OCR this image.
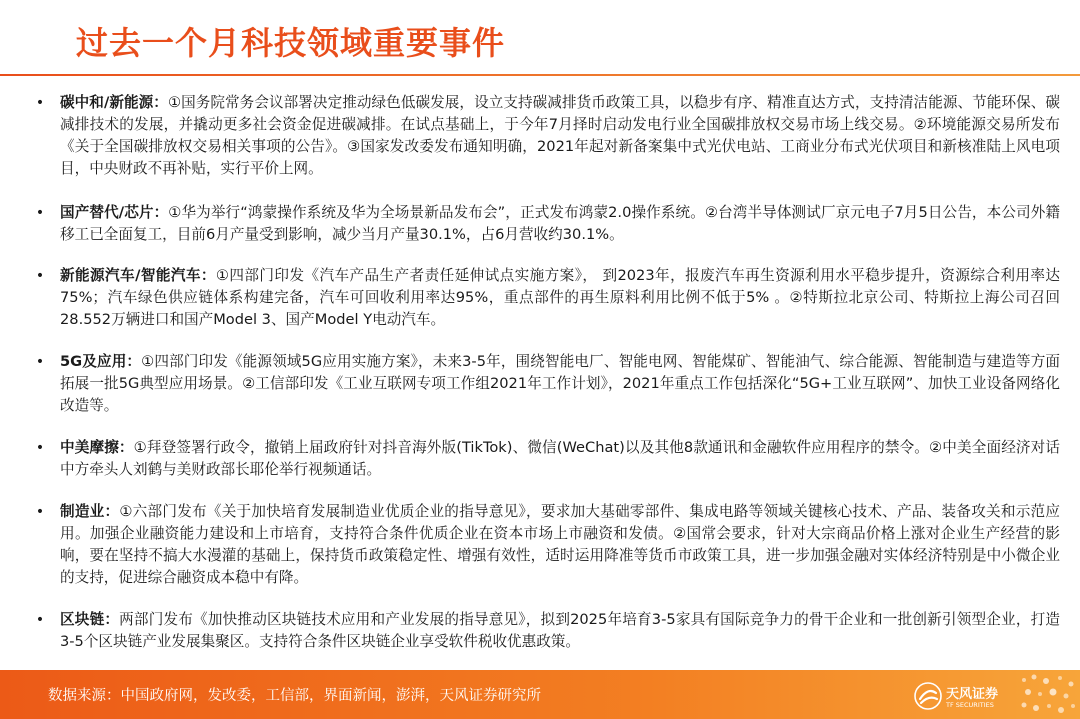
过去一个月科技领域重要事件
•	碳中和/新能源：①国务院常务会议部署决定推动绿色低碳发展，设立支持碳减排货币政策工具，以稳步有序、精准直达方式，支持清洁能源、节能环保、碳减排技术的发展，并撬动更多社会资金促进碳减排。在试点基础上，于今年7月择时启动发电行业全国碳排放权交易市场上线交易。②环境能源交易所发布《关于全国碳排放权交易相关事项的公告》。③国家发改委发布通知明确，2021年起对新备案集中式光伏电站、工商业分布式光伏项目和新核准陆上风电项目，中央财政不再补贴，实行平价上网。
•	国产替代/芯片：①华为举行“鸿蒙操作系统及华为全场景新品发布会”，正式发布鸿蒙2.0操作系统。②台湾半导体测试厂京元电子7月5日公告，本公司外籍移工已全面复工，目前6月产量受到影响，减少当月产量30.1%，占6月营收约30.1%。
•	新能源汽车/智能汽车：①四部门印发《汽车产品生产者责任延伸试点实施方案》， 到2023年，报废汽车再生资源利用水平稳步提升，资源综合利用率达75%；汽车绿色供应链体系构建完备，汽车可回收利用率达95%，重点部件的再生原料利用比例不低于5% 。②特斯拉北京公司、特斯拉上海公司召回28.552万辆进口和国产Model 3、国产Model Y电动汽车。
•	5G及应用：①四部门印发《能源领域5G应用实施方案》，未来3-5年，围绕智能电厂、智能电网、智能煤矿、智能油气、综合能源、智能制造与建造等方面拓展一批5G典型应用场景。②工信部印发《工业互联网专项工作组2021年工作计划》，2021年重点工作包括深化“5G+工业互联网”、加快工业设备网络化改造等。
•	中美摩擦：①拜登签署行政令，撤销上届政府针对抖音海外版(TikTok)、微信(WeChat)以及其他8款通讯和金融软件应用程序的禁令。②中美全面经济对话中方牵头人刘鹤与美财政部长耶伦举行视频通话。
•	制造业：①六部门发布《关于加快培育发展制造业优质企业的指导意见》，要求加大基础零部件、集成电路等领域关键核心技术、产品、装备攻关和示范应用。加强企业融资能力建设和上市培育，支持符合条件优质企业在资本市场上市融资和发债。②国常会要求，针对大宗商品价格上涨对企业生产经营的影响，要在坚持不搞大水漫灌的基础上，保持货币政策稳定性、增强有效性，适时运用降准等货币市政策工具，进一步加强金融对实体经济特别是中小微企业的支持，促进综合融资成本稳中有降。
•	区块链：两部门发布《加快推动区块链技术应用和产业发展的指导意见》，拟到2025年培育3-5家具有国际竞争力的骨干企业和一批创新引领型企业，打造3-5个区块链产业发展集聚区。支持符合条件区块链企业享受软件税收优惠政策。
数据来源：中国政府网，发改委，工信部，界面新闻，澎湃，天风证券研究所	天风证券
TF SECURITIES
